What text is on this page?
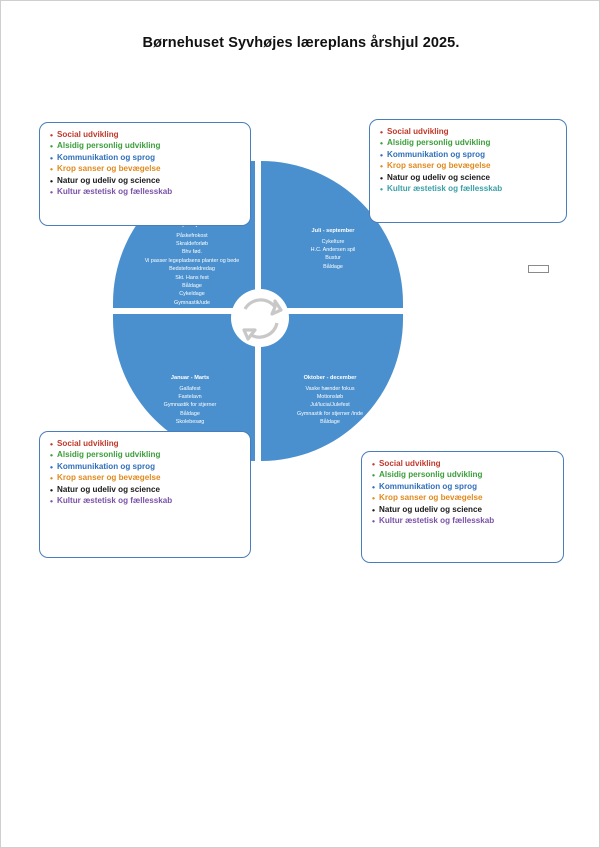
Børnehuset Syvhøjes læreplans årshjul 2025.
Påskefrokost
Skraldeforløb
Bhv fød.
Vi passer legepladsens planter og bede
Bedsteforældredag
Skt. Hans fest
Båldage
Cykeldage
Gymnastik/ude
Juli - september
Cykelture
H.C. Andersen spil
Bustur
Båldage
Januar - Marts
Gallafest
Fastelavn
Gymnastik for stjerner
Båldage
Skolebesøg
Oktober - december
Vaske hænder fokus
Motionsløb
Jul/lucia/Julefest
Gymnastik for stjerner /inde
Båldage
• Social udvikling
• Alsidig personlig udvikling
• Kommunikation og sprog
• Krop sanser og bevægelse
• Natur og udeliv og science
• Kultur æstetisk og fællesskab
• Social udvikling
• Alsidig personlig udvikling
• Kommunikation og sprog
• Krop sanser og bevægelse
• Natur og udeliv og science
• Kultur æstetisk og fællesskab
• Social udvikling
• Alsidig personlig udvikling
• Kommunikation og sprog
• Krop sanser og bevægelse
• Natur og udeliv og science
• Kultur æstetisk og fællesskab
• Social udvikling
• Alsidig personlig udvikling
• Kommunikation og sprog
• Krop sanser og bevægelse
• Natur og udeliv og science
• Kultur æstetisk og fællesskab
